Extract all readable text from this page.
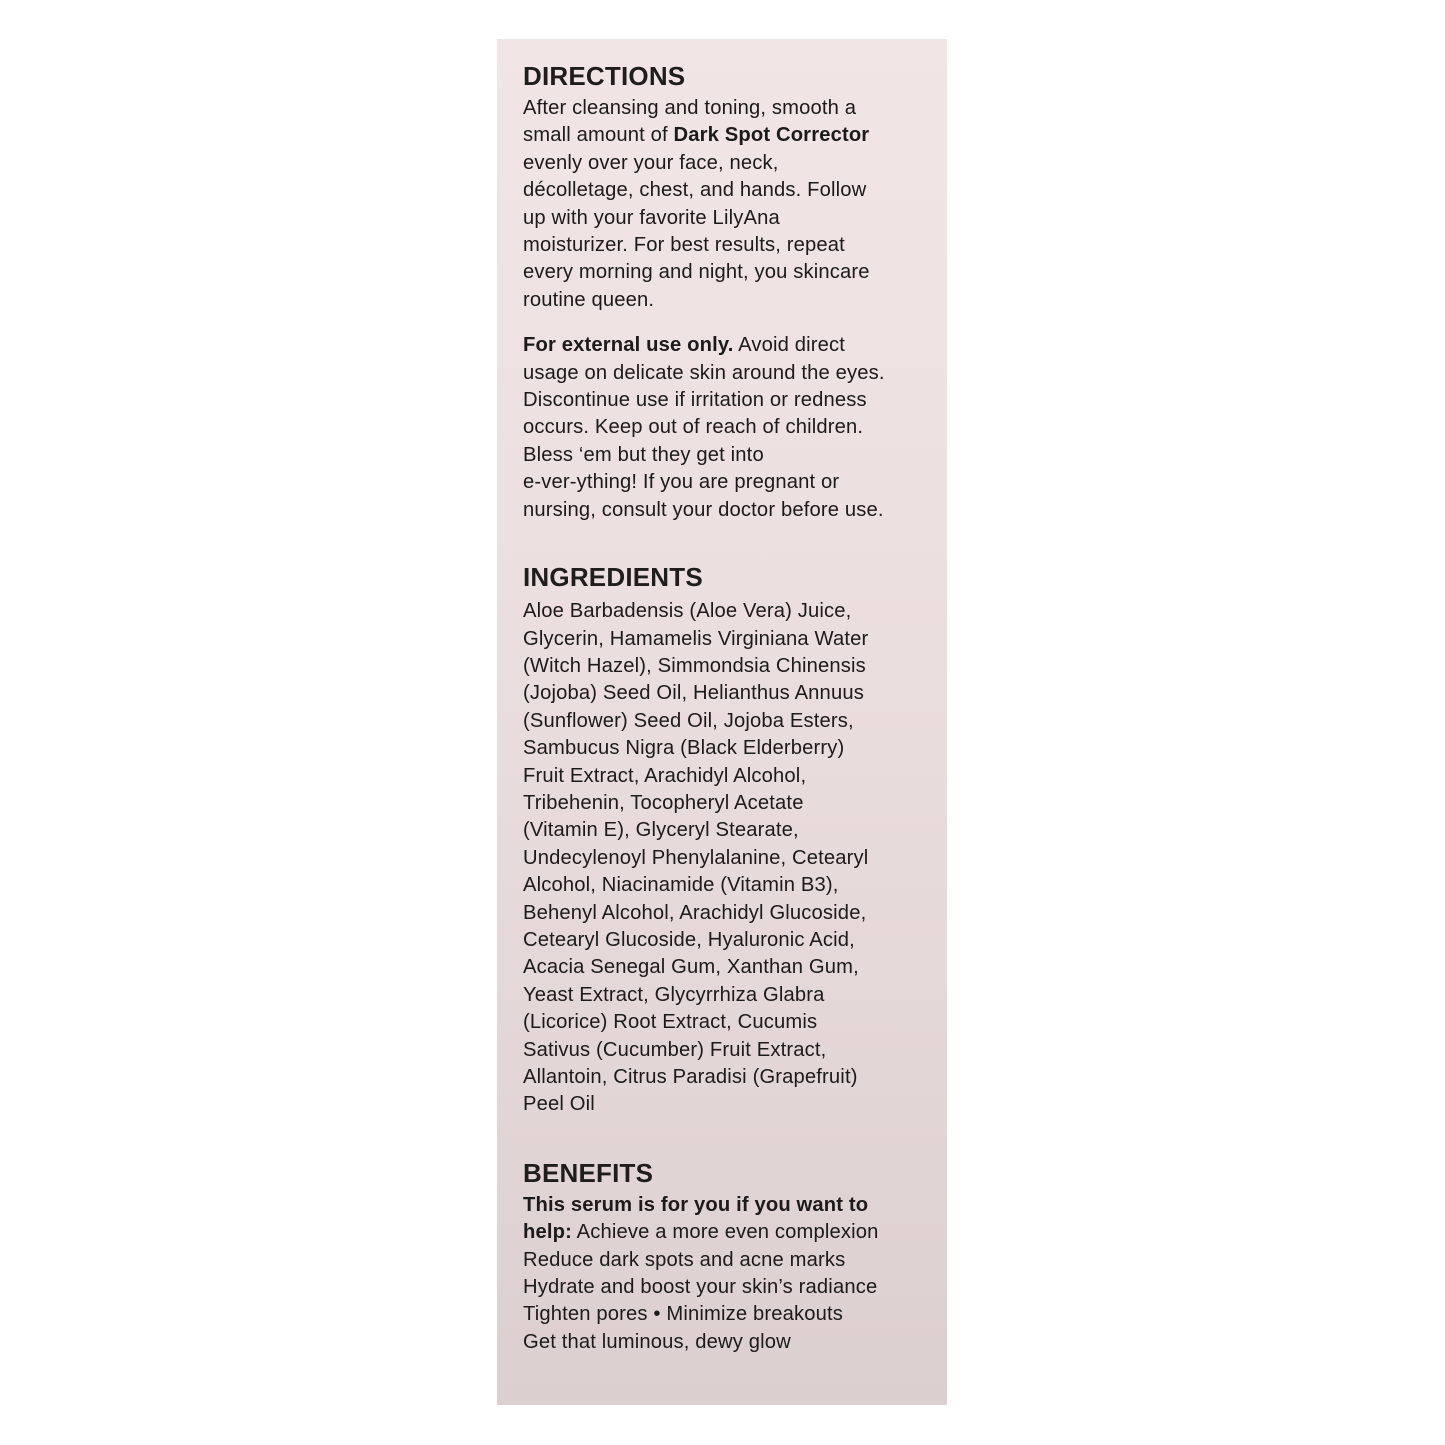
DIRECTIONS

After cleansing and toning, smooth a
small amount of Dark Spot Corrector
evenly over your face, neck,
décolletage, chest, and hands. Follow
up with your favorite LilyAna
moisturizer. For best results, repeat
every morning and night, you skincare
routine queen.

For external use only. Avoid direct
usage on delicate skin around the eyes.
Discontinue use if irritation or redness
occurs. Keep out of reach of children.
Bless ‘em but they get into
e-ver-ything! If you are pregnant or
nursing, consult your doctor before use.

INGREDIENTS

Aloe Barbadensis (Aloe Vera) Juice,
Glycerin, Hamamelis Virginiana Water
(Witch Hazel), Simmondsia Chinensis
(Jojoba) Seed Oil, Helianthus Annuus
(Sunflower) Seed Oil, Jojoba Esters,
Sambucus Nigra (Black Elderberry)
Fruit Extract, Arachidyl Alcohol,
Tribehenin, Tocopheryl Acetate
(Vitamin E), Glyceryl Stearate,
Undecylenoyl Phenylalanine, Cetearyl
Alcohol, Niacinamide (Vitamin B3),
Behenyl Alcohol, Arachidyl Glucoside,
Cetearyl Glucoside, Hyaluronic Acid,
Acacia Senegal Gum, Xanthan Gum,
Yeast Extract, Glycyrrhiza Glabra
(Licorice) Root Extract, Cucumis
Sativus (Cucumber) Fruit Extract,
Allantoin, Citrus Paradisi (Grapefruit)
Peel Oil

BENEFITS

This serum is for you if you want to
help: Achieve a more even complexion
Reduce dark spots and acne marks
Hydrate and boost your skin’s radiance
Tighten pores • Minimize breakouts
Get that luminous, dewy glow
